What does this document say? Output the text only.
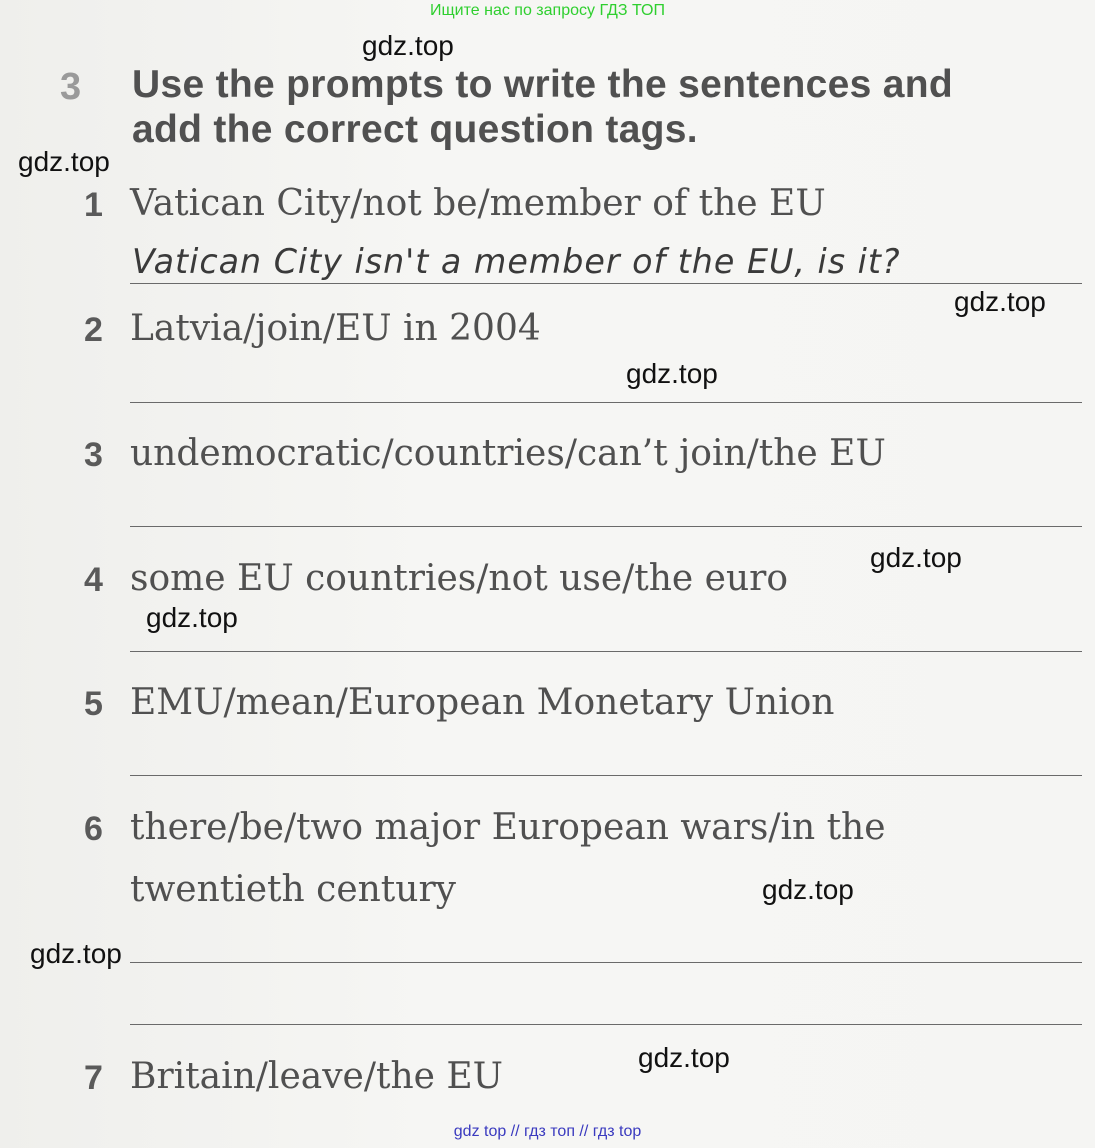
Ищите нас по запросу ГДЗ ТОП
3 Use the prompts to write the sentences and
add the correct question tags.
1 Vatican City/not be/member of the EU
Vatican City isn't a member of the EU, is it?
2 Latvia/join/EU in 2004
3 undemocratic/countries/can’t join/the EU
4 some EU countries/not use/the euro
5 EMU/mean/European Monetary Union
6 there/be/two major European wars/in the
twentieth century
7 Britain/leave/the EU
gdz.top
gdz.top
gdz.top
gdz.top
gdz.top
gdz.top
gdz.top
gdz.top
gdz.top
gdz top // гдз топ // гдз top
